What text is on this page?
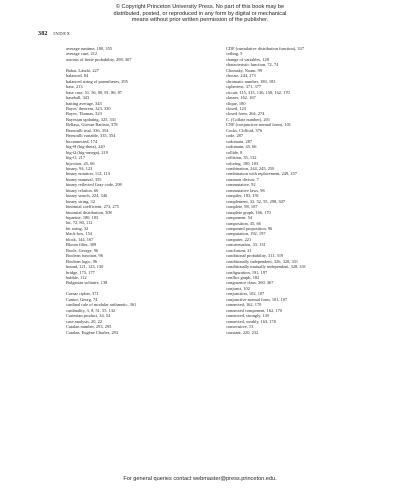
© Copyright Princeton University Press. No part of this book may be
distributed, posted, or reproduced in any form by digital or mechanical
means without prior written permission of the publisher.
382 INDEX
average runtime, 180, 355
average case, 212
axioms of finite probability, 298, 307
Babai, László, 227
balanced, 84
balanced string of parentheses, 295
base, 213
base case, 51, 56, 80, 81, 86, 87
baseball, 343
batting average, 343
Bayes' theorem, 323, 330
Bayes, Thomas, 323
Bayesian updating, 325, 331
Bellaso, Giovan Battista, 378
Bernoulli trial, 336, 354
Bernoulli variable, 335, 354
bicomnected, 174
big-Θ (big-theta), 220
big-Ω (big-omega), 219
big-O, 217
bijection, 45, 66
binary, 94, 123
binary notation, 112, 113
binary numeral, 355
binary reflected Gray code, 298
binary relation, 66
binary search, 224, 346
binary string, 32
binomial coefficient, 273, 275
binomial distribution, 308
bipartite, 180, 183
bit, 72, 80, 112
bit string, 32
black box, 154
block, 144, 167
Bloom filter, 309
Boole, George, 96
Boolean function, 96
Boolean logic, 96
bound, 121, 123, 130
bridge, 173, 177
bubble, 112
Bulgarian solitaire, 138
Caesar cipher, 371
Cantor, Georg, 74
cardinal rule of modular arithmetic, 361
cardinality, 3, 8, 51, 55, 132
Cartesian product, 34, 54
case analysis, 20, 22
Catalan number, 293, 295
Catalan, Eugène Charles, 293
CDF (cumulative distribution function), 337
ceiling, 5
change of variables, 128
characteristic function, 72, 74
Chomsky, Noam, 99
choose, 244, 273
chromatic number, 180, 183
ciphertext, 371, 377
circuit, 115, 315, 136, 158, 162, 170
classes, 162, 167
clique, 180
closed, 123
closed form, 264, 274
C. (Collatz number), 201
CNF (conjunctive normal form), 101
Cocks, Clifford, 376
code, 287
codomain, 287
codomain, 45, 66
collide, 8
collision, 35, 132
coloring, 180, 183
combination, 244, 245, 250
combination with replacement, 249, 257
common divisor, 7
commutative, 92
commutative laws, 96
compiler, 183, 191
complement, 32, 52, 55, 298, 307
complete, 98, 107
complete graph, 166, 170
component, 54
composition, 45, 66
compound proposition, 96
computation, 192, 197
computer, 221
concatenation, 33, 131
conclusion, 21
conditional probability, 311, 319
conditionally independent, 326, 328, 331
conditionally mutually independent, 328, 331
configuration, 191, 197
conflict graph, 182
congruence class, 360, 367
conjunct, 102
conjunction, 102, 107
conjunctive normal form, 101, 107
connected, 162, 170
connected component, 162, 170
connected, strongly, 139
connected, weakly, 163, 170
consecutive, 13
constant, 220, 232
For general queries contact webmaster@press.princeton.edu.
